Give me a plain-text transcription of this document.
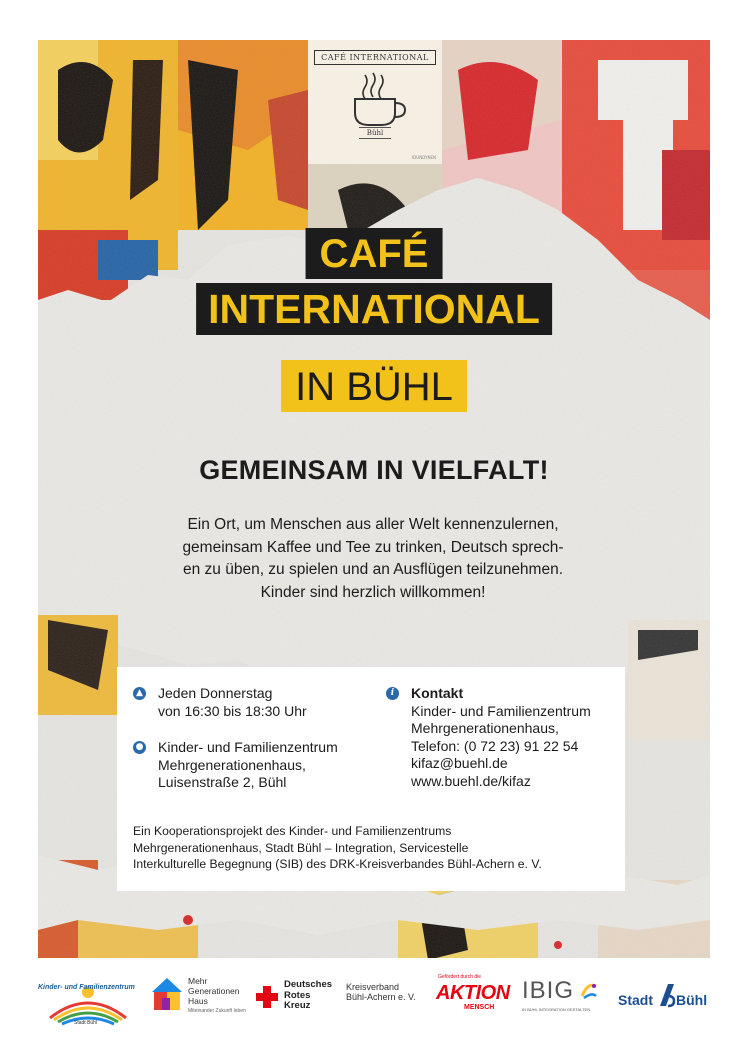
CAFÉ INTERNATIONAL
Bühl
IDUNDYNEN
CAFÉ
INTERNATIONAL
IN BÜHL
GEMEINSAM IN VIELFALT!

Ein Ort, um Menschen aus aller Welt kennenzulernen,

gemeinsam Kaffee und Tee zu trinken, Deutsch sprech-

en zu üben, zu spielen und an Ausflügen teilzunehmen.

Kinder sind herzlich willkommen!

▲ Jeden Donnerstag
von 16:30 bis 18:30 Uhr
● Kinder- und Familienzentrum
Mehrgenerationenhaus,
Luisenstraße 2, Bühl
i	Kontakt
Kinder- und Familienzentrum
Mehrgenerationenhaus,
Telefon: (0 72 23) 91 22 54
kifaz@buehl.de
www.buehl.de/kifaz
Ein Kooperationsprojekt des Kinder- und Familienzentrums
Mehrgenerationenhaus, Stadt Bühl – Integration, Servicestelle
Interkulturelle Begegnung (SIB) des DRK-Kreisverbandes Bühl-Achern e. V.
Kinder- und Familienzentrum
Stadt Bühl
Mehr
Generationen
Haus
Miteinander Zukunft leben
Deutsches
Rotes
Kreuz
Kreisverband
Bühl-Achern e. V.
Gefördert durch die
AKTION
MENSCH
IBIG
IN BÜHL INTEGRATION GESTALTEN
Stadt Bühl
